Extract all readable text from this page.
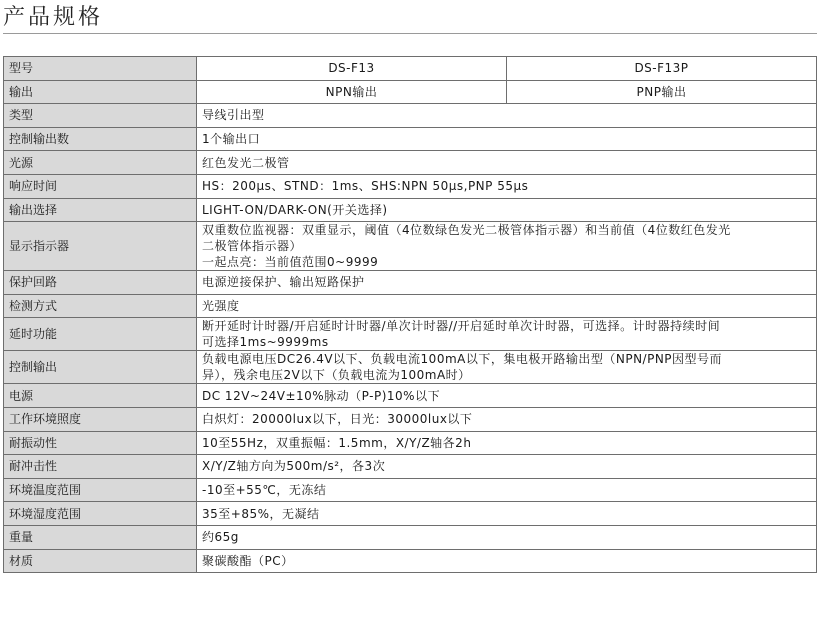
产品规格
型号	DS-F13	DS-F13P
输出	NPN输出	PNP输出
类型	导线引出型	
控制输出数	1个输出口	
光源	红色发光二极管	
响应时间	HS：200μs、STND：1ms、SHS:NPN 50μs,PNP 55μs	
输出选择	LIGHT-ON/DARK-ON(开关选择)	
显示指示器	双重数位监视器：双重显示，阈值（4位数绿色发光二极管体指示器）和当前值（4位数红色发光
二极管体指示器）
一起点亮：当前值范围0~9999	

保护回路	电源逆接保护、输出短路保护	
检测方式	光强度	
延时功能	断开延时计时器/开启延时计时器/单次计时器//开启延时单次计时器，可选择。计时器持续时间
可选择1ms~9999ms	

控制输出	负载电源电压DC26.4V以下、负载电流100mA以下，集电极开路输出型（NPN/PNP因型号而
异），残余电压2V以下（负载电流为100mA时）	

电源	DC 12V~24V±10%脉动（P-P)10%以下	
工作环境照度	白炽灯：20000lux以下，日光：30000lux以下	
耐振动性	10至55Hz，双重振幅：1.5mm，X/Y/Z轴各2h	
耐冲击性	X/Y/Z轴方向为500m/s²，各3次	
环境温度范围	-10至+55℃，无冻结	
环境湿度范围	35至+85%，无凝结	
重量	约65g	
材质	聚碳酸酯（PC）	
